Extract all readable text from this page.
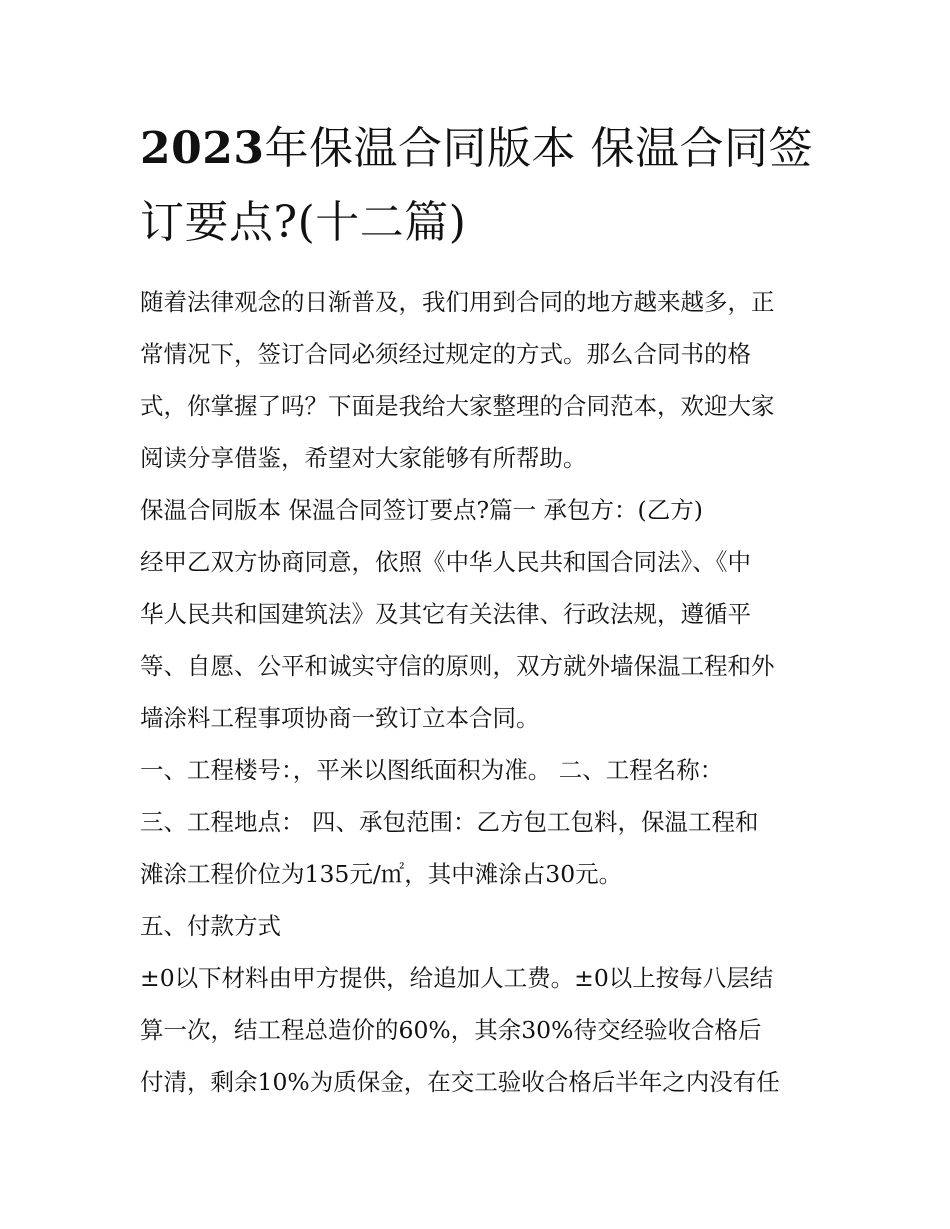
2023年保温合同版本 保温合同签订要点?(十二篇)
随着法律观念的日渐普及，我们用到合同的地方越来越多，正
常情况下，签订合同必须经过规定的方式。那么合同书的格
式，你掌握了吗？下面是我给大家整理的合同范本，欢迎大家
阅读分享借鉴，希望对大家能够有所帮助。
保温合同版本 保温合同签订要点?篇一 承包方：(乙方)
经甲乙双方协商同意，依照《中华人民共和国合同法》、《中
华人民共和国建筑法》及其它有关法律、行政法规，遵循平
等、自愿、公平和诚实守信的原则，双方就外墙保温工程和外
墙涂料工程事项协商一致订立本合同。
一、工程楼号：，平米以图纸面积为准。 二、工程名称：
三、工程地点： 四、承包范围：乙方包工包料，保温工程和
滩涂工程价位为135元/㎡，其中滩涂占30元。
五、付款方式
±0以下材料由甲方提供，给追加人工费。±0以上按每八层结
算一次，结工程总造价的60%，其余30%待交经验收合格后
付清，剩余10%为质保金，在交工验收合格后半年之内没有任
